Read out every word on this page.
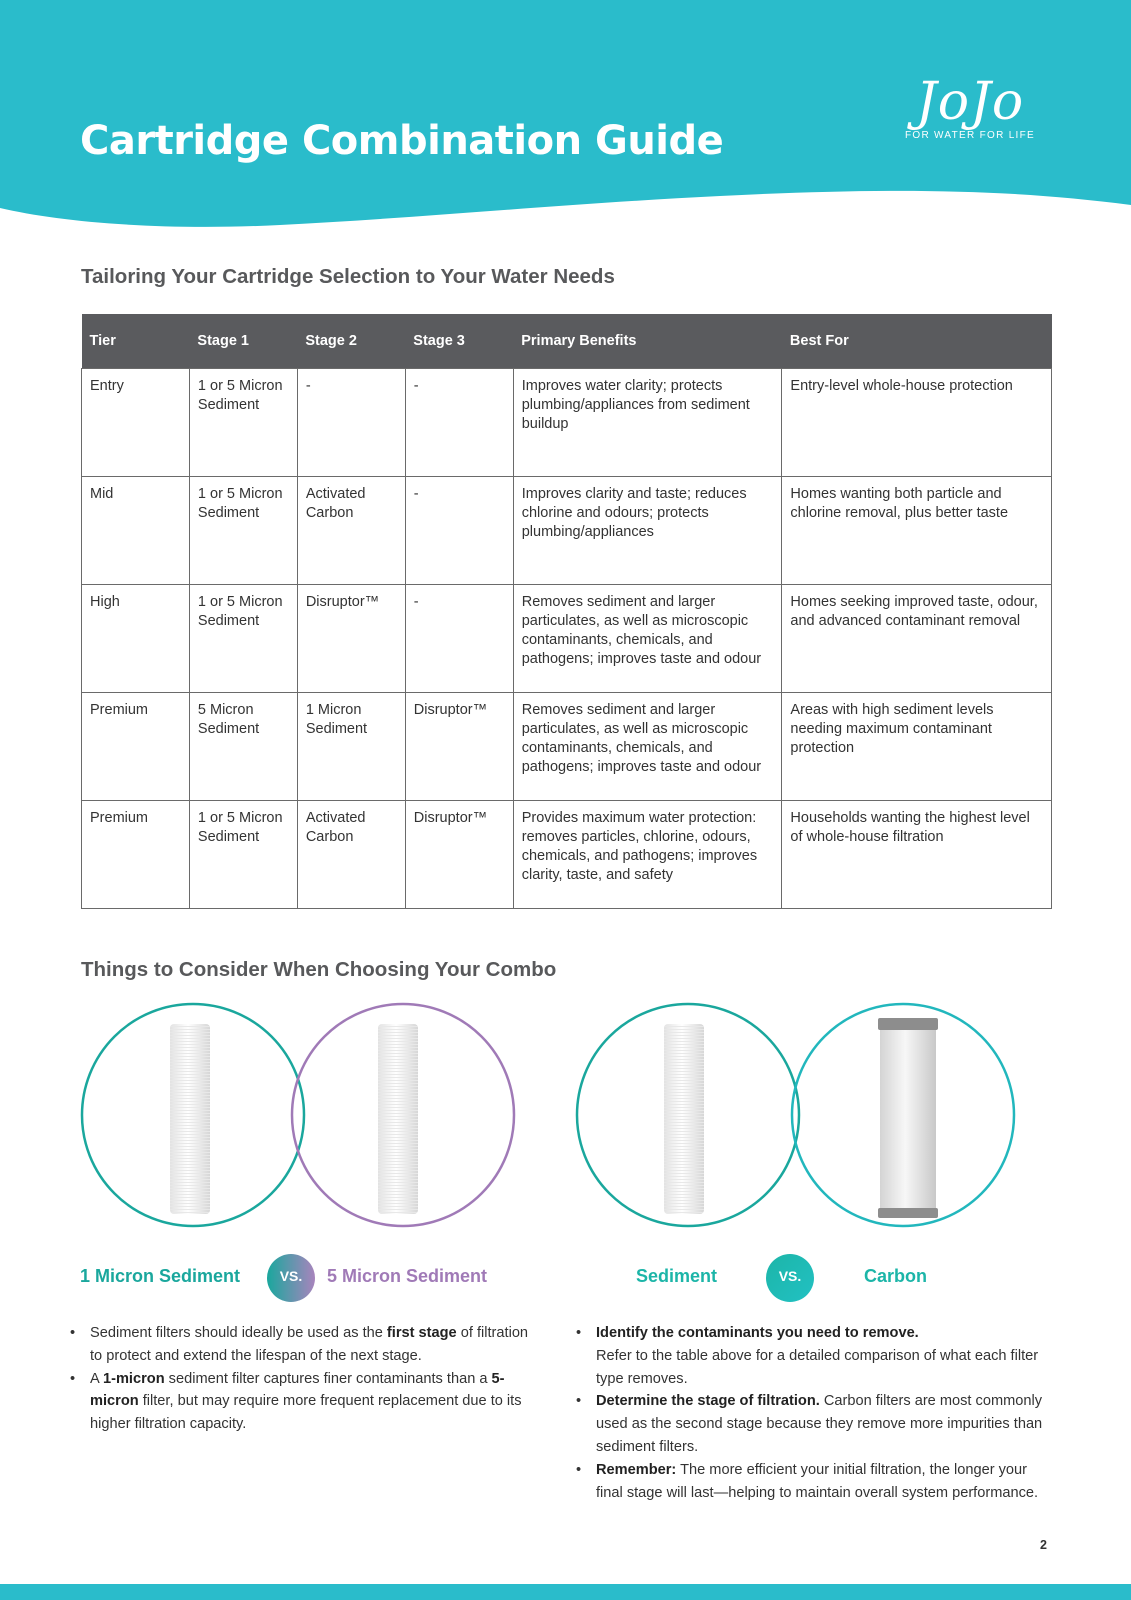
Cartridge Combination Guide
JoJo
FOR WATER FOR LIFE
Tailoring Your Cartridge Selection to Your Water Needs
Tier	Stage 1	Stage 2	Stage 3	Primary Benefits	Best For
Entry	1 or 5 Micron Sediment	-	-	Improves water clarity; protects plumbing/appliances from sediment buildup	Entry-level whole-house protection
Mid	1 or 5 Micron Sediment	Activated Carbon	-	Improves clarity and taste; reduces chlorine and odours; protects plumbing/appliances	Homes wanting both particle and chlorine removal, plus better taste
High	1 or 5 Micron Sediment	Disruptor™	-	Removes sediment and larger particulates, as well as microscopic contaminants, chemicals, and pathogens; improves taste and odour	Homes seeking improved taste, odour, and advanced contaminant removal
Premium	5 Micron Sediment	1 Micron Sediment	Disruptor™	Removes sediment and larger particulates, as well as microscopic contaminants, chemicals, and pathogens; improves taste and odour	Areas with high sediment levels needing maximum contaminant protection
Premium	1 or 5 Micron Sediment	Activated Carbon	Disruptor™	Provides maximum water protection: removes particles, chlorine, odours, chemicals, and pathogens; improves clarity, taste, and safety	Households wanting the highest level of whole-house filtration
Things to Consider When Choosing Your Combo
1 Micron Sediment	VS.	5 Micron Sediment	Sediment	VS.	Carbon
• Sediment filters should ideally be used as the first stage of filtration to protect and extend the lifespan of the next stage.
• A 1-micron sediment filter captures finer contaminants than a 5-micron filter, but may require more frequent replacement due to its higher filtration capacity.
• Identify the contaminants you need to remove.
Refer to the table above for a detailed comparison of what each filter type removes.
• Determine the stage of filtration. Carbon filters are most commonly used as the second stage because they remove more impurities than sediment filters.
• Remember: The more efficient your initial filtration, the longer your final stage will last—helping to maintain overall system performance.
2
